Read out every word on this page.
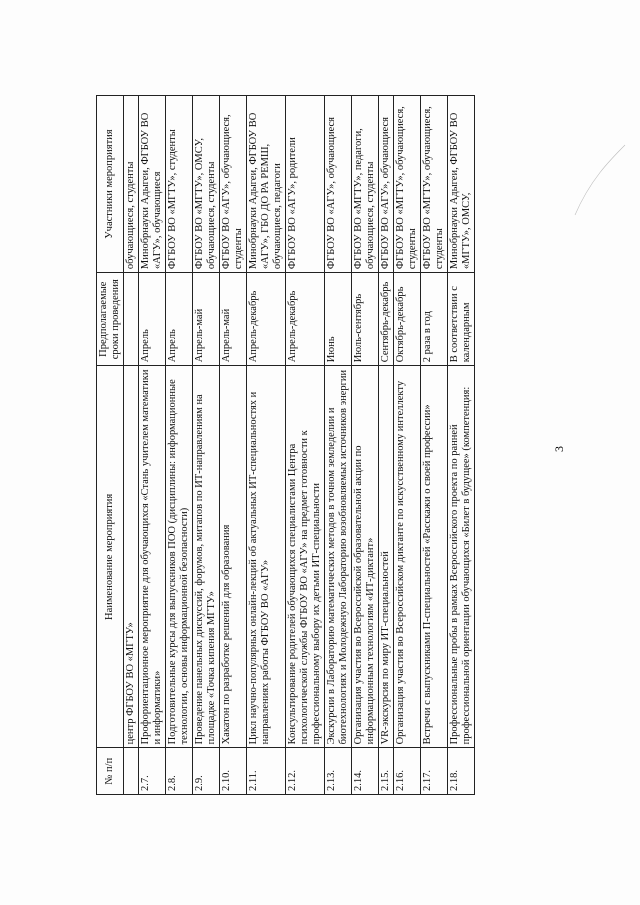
№ п/п	Наименование мероприятия	Предполагаемые сроки проведения	Участники мероприятия
	центр ФГБОУ ВО «МГТУ»		обучающиеся, студенты
2.7.	Профориентационное мероприятие для обучающихся «Стань учителем математики и информатики»	Апрель	Минобрнауки Адыгеи, ФГБОУ ВО «АГУ», обучающиеся
2.8.	Подготовительные курсы для выпускников ПОО (дисциплины: информационные технологии, основы информационной безопасности)	Апрель	ФГБОУ ВО «МГТУ», студенты
2.9.	Проведение панельных дискуссий, форумов, митапов по ИТ-направлениям на площадке «Точка кипения МГТУ»	Апрель-май	ФГБОУ ВО «МГТУ», ОМСУ, обучающиеся, студенты
2.10.	Хакатон по разработке решений для образования	Апрель-май	ФГБОУ ВО «АГУ», обучающиеся, студенты
2.11.	Цикл научно-популярных онлайн-лекций об актуальных ИТ-специальностях и направлениях работы ФГБОУ ВО «АГУ»	Апрель-декабрь	Минобрнауки Адыгеи, ФГБОУ ВО «АГУ», ГБО ДО РА РЕМШ, обучающиеся, педагоги
2.12.	Консультирование родителей обучающихся специалистами Центра психологической службы ФГБОУ ВО «АГУ» на предмет готовности к профессиональному выбору их детьми ИТ-специальности	Апрель-декабрь	ФГБОУ ВО «АГУ», родители
2.13.	Экскурсии в Лабораторию математических методов в точном земледелии и биотехнологиях и Молодежную Лабораторию возобновляемых источников энергии	Июнь	ФГБОУ ВО «АГУ», обучающиеся
2.14.	Организация участия во Всероссийской образовательной акции по информационным технологиям «ИТ-диктант»	Июль-сентябрь	ФГБОУ ВО «МГТУ», педагоги, обучающиеся, студенты
2.15.	VR-экскурсия по миру ИТ-специальностей	Сентябрь-декабрь	ФГБОУ ВО «АГУ», обучающиеся
2.16.	Организация участия во Всероссийском диктанте по искусственному интеллекту	Октябрь-декабрь	ФГБОУ ВО «МГТУ», обучающиеся, студенты
2.17.	Встречи с выпускниками П-специальностей «Расскажи о своей профессии»	2 раза в год	ФГБОУ ВО «МГТУ», обучающиеся, студенты
2.18.	Профессиональные пробы в рамках Всероссийского проекта по ранней профессиональной ориентации обучающихся «Билет в будущее» (компетенция:	В соответствии с календарным	Минобрнауки Адыгеи, ФГБОУ ВО «МГТУ», ОМСУ,
3
